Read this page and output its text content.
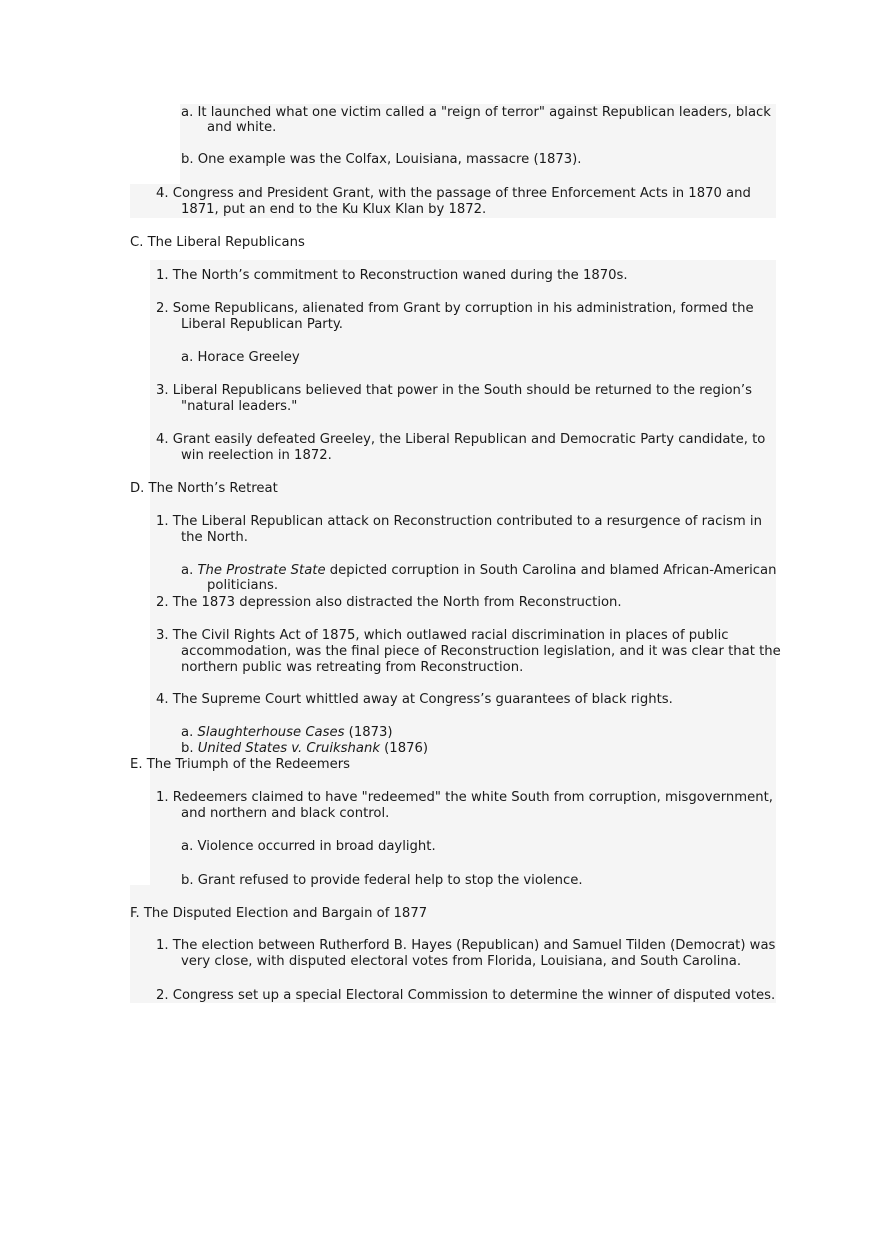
a. It launched what one victim called a "reign of terror" against Republican leaders, black
and white.
b. One example was the Colfax, Louisiana, massacre (1873).
4. Congress and President Grant, with the passage of three Enforcement Acts in 1870 and
1871, put an end to the Ku Klux Klan by 1872.
C. The Liberal Republicans
1. The North’s commitment to Reconstruction waned during the 1870s.
2. Some Republicans, alienated from Grant by corruption in his administration, formed the
Liberal Republican Party.
a. Horace Greeley
3. Liberal Republicans believed that power in the South should be returned to the region’s
"natural leaders."
4. Grant easily defeated Greeley, the Liberal Republican and Democratic Party candidate, to
win reelection in 1872.
D. The North’s Retreat
1. The Liberal Republican attack on Reconstruction contributed to a resurgence of racism in
the North.
a. The Prostrate State depicted corruption in South Carolina and blamed African-American
politicians.
2. The 1873 depression also distracted the North from Reconstruction.
3. The Civil Rights Act of 1875, which outlawed racial discrimination in places of public
accommodation, was the final piece of Reconstruction legislation, and it was clear that the
northern public was retreating from Reconstruction.
4. The Supreme Court whittled away at Congress’s guarantees of black rights.
a. Slaughterhouse Cases (1873)
b. United States v. Cruikshank (1876)
E. The Triumph of the Redeemers
1. Redeemers claimed to have "redeemed" the white South from corruption, misgovernment,
and northern and black control.
a. Violence occurred in broad daylight.
b. Grant refused to provide federal help to stop the violence.
F. The Disputed Election and Bargain of 1877
1. The election between Rutherford B. Hayes (Republican) and Samuel Tilden (Democrat) was
very close, with disputed electoral votes from Florida, Louisiana, and South Carolina.
2. Congress set up a special Electoral Commission to determine the winner of disputed votes.
